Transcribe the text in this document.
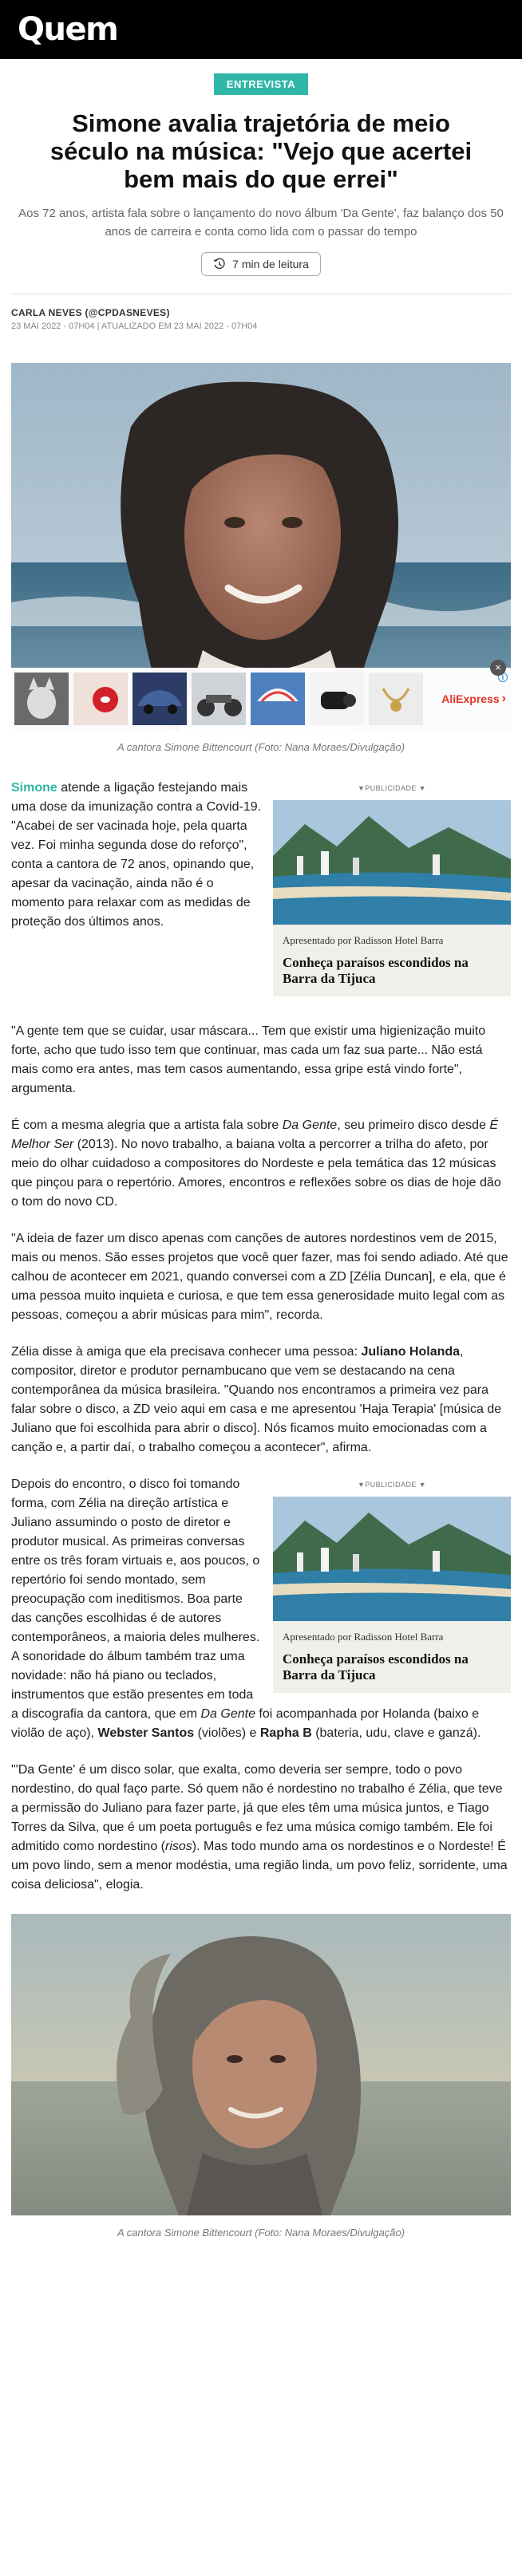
Quem
ENTREVISTA
Simone avalia trajetória de meio século na música: "Vejo que acertei bem mais do que errei"

Aos 72 anos, artista fala sobre o lançamento do novo álbum 'Da Gente', faz balanço dos 50 anos de carreira e conta como lida com o passar do tempo

7 min de leitura
CARLA NEVES (@CPDASNEVES)
23 MAI 2022 - 07H04 | ATUALIZADO EM 23 MAI 2022 - 07H04
AliExpress ›
i
×

A cantora Simone Bittencourt (Foto: Nana Moraes/Divulgação)

▼PUBLICIDADE ▼
Apresentado por Radisson Hotel Barra
Conheça paraísos escondidos na Barra da Tijuca
Simone atende a ligação festejando mais uma dose da imunização contra a Covid-19. "Acabei de ser vacinada hoje, pela quarta vez. Foi minha segunda dose do reforço", conta a cantora de 72 anos, opinando que, apesar da vacinação, ainda não é o momento para relaxar com as medidas de proteção dos últimos anos.

"A gente tem que se cuidar, usar máscara... Tem que existir uma higienização muito forte, acho que tudo isso tem que continuar, mas cada um faz sua parte... Não está mais como era antes, mas tem casos aumentando, essa gripe está vindo forte", argumenta.

É com a mesma alegria que a artista fala sobre Da Gente, seu primeiro disco desde É Melhor Ser (2013). No novo trabalho, a baiana volta a percorrer a trilha do afeto, por meio do olhar cuidadoso a compositores do Nordeste e pela temática das 12 músicas que pinçou para o repertório. Amores, encontros e reflexões sobre os dias de hoje dão o tom do novo CD.

"A ideia de fazer um disco apenas com canções de autores nordestinos vem de 2015, mais ou menos. São esses projetos que você quer fazer, mas foi sendo adiado. Até que calhou de acontecer em 2021, quando conversei com a ZD [Zélia Duncan], e ela, que é uma pessoa muito inquieta e curiosa, e que tem essa generosidade muito legal com as pessoas, começou a abrir músicas para mim", recorda.

Zélia disse à amiga que ela precisava conhecer uma pessoa: Juliano Holanda, compositor, diretor e produtor pernambucano que vem se destacando na cena contemporânea da música brasileira. "Quando nos encontramos a primeira vez para falar sobre o disco, a ZD veio aqui em casa e me apresentou 'Haja Terapia' [música de Juliano que foi escolhida para abrir o disco]. Nós ficamos muito emocionadas com a canção e, a partir daí, o trabalho começou a acontecer", afirma.

▼PUBLICIDADE ▼
Apresentado por Radisson Hotel Barra
Conheça paraísos escondidos na Barra da Tijuca
Depois do encontro, o disco foi tomando forma, com Zélia na direção artística e Juliano assumindo o posto de diretor e produtor musical. As primeiras conversas entre os três foram virtuais e, aos poucos, o repertório foi sendo montado, sem preocupação com ineditismos. Boa parte das canções escolhidas é de autores contemporâneos, a maioria deles mulheres. A sonoridade do álbum também traz uma novidade: não há piano ou teclados, instrumentos que estão presentes em toda a discografia da cantora, que em Da Gente foi acompanhada por Holanda (baixo e violão de aço), Webster Santos (violões) e Rapha B (bateria, udu, clave e ganzá).

"'Da Gente' é um disco solar, que exalta, como deveria ser sempre, todo o povo nordestino, do qual faço parte. Só quem não é nordestino no trabalho é Zélia, que teve a permissão do Juliano para fazer parte, já que eles têm uma música juntos, e Tiago Torres da Silva, que é um poeta português e fez uma música comigo também. Ele foi admitido como nordestino (risos). Mas todo mundo ama os nordestinos e o Nordeste! É um povo lindo, sem a menor modéstia, uma região linda, um povo feliz, sorridente, uma coisa deliciosa", elogia.

A cantora Simone Bittencourt (Foto: Nana Moraes/Divulgação)
